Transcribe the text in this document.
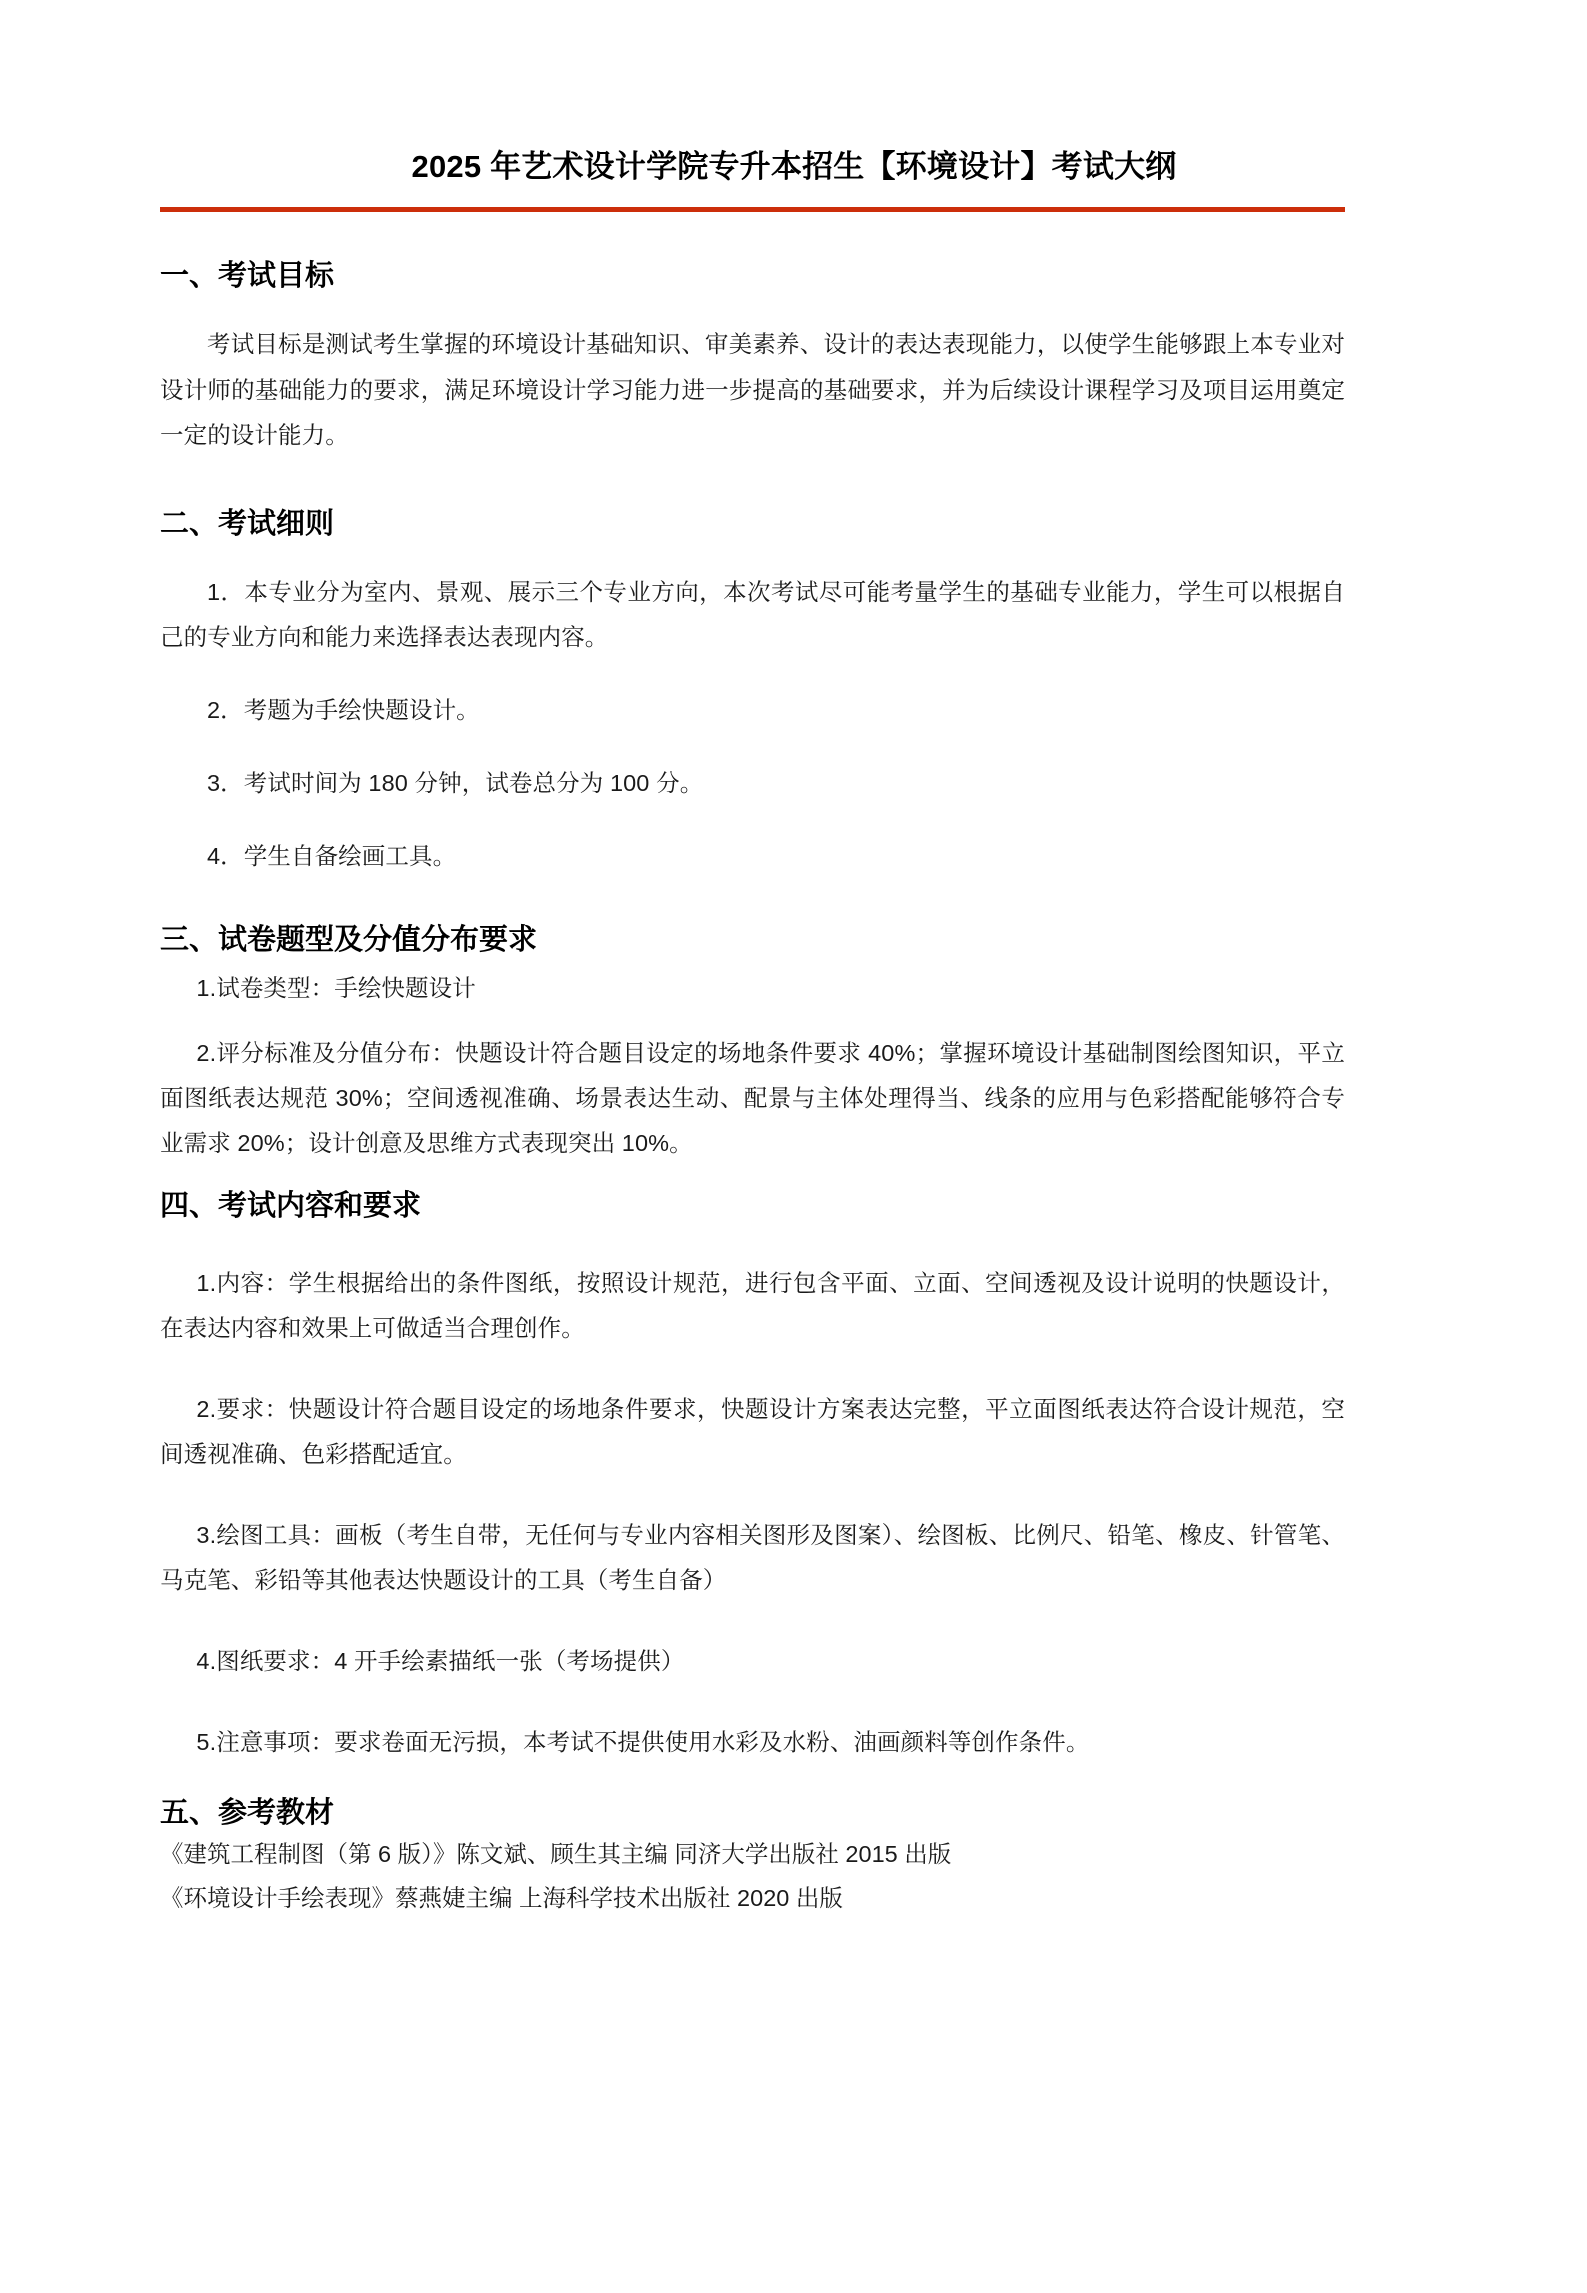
2025 年艺术设计学院专升本招生【环境设计】考试大纲
一、考试目标

考试目标是测试考生掌握的环境设计基础知识、审美素养、设计的表达表现能力，以使学生能够跟上本专业对设计师的基础能力的要求，满足环境设计学习能力进一步提高的基础要求，并为后续设计课程学习及项目运用奠定一定的设计能力。

二、考试细则

1．本专业分为室内、景观、展示三个专业方向，本次考试尽可能考量学生的基础专业能力，学生可以根据自己的专业方向和能力来选择表达表现内容。

2．考题为手绘快题设计。

3．考试时间为 180 分钟，试卷总分为 100 分。

4．学生自备绘画工具。

三、试卷题型及分值分布要求

1.试卷类型：手绘快题设计

2.评分标准及分值分布：快题设计符合题目设定的场地条件要求 40%；掌握环境设计基础制图绘图知识，平立面图纸表达规范 30%；空间透视准确、场景表达生动、配景与主体处理得当、线条的应用与色彩搭配能够符合专业需求 20%；设计创意及思维方式表现突出 10%。

四、考试内容和要求

1.内容：学生根据给出的条件图纸，按照设计规范，进行包含平面、立面、空间透视及设计说明的快题设计，在表达内容和效果上可做适当合理创作。

2.要求：快题设计符合题目设定的场地条件要求，快题设计方案表达完整，平立面图纸表达符合设计规范，空间透视准确、色彩搭配适宜。

3.绘图工具：画板（考生自带，无任何与专业内容相关图形及图案）、绘图板、比例尺、铅笔、橡皮、针管笔、马克笔、彩铅等其他表达快题设计的工具（考生自备）

4.图纸要求：4 开手绘素描纸一张（考场提供）

5.注意事项：要求卷面无污损，本考试不提供使用水彩及水粉、油画颜料等创作条件。

五、参考教材

《建筑工程制图（第 6 版）》陈文斌、顾生其主编 同济大学出版社 2015 出版

《环境设计手绘表现》蔡燕婕主编 上海科学技术出版社 2020 出版
